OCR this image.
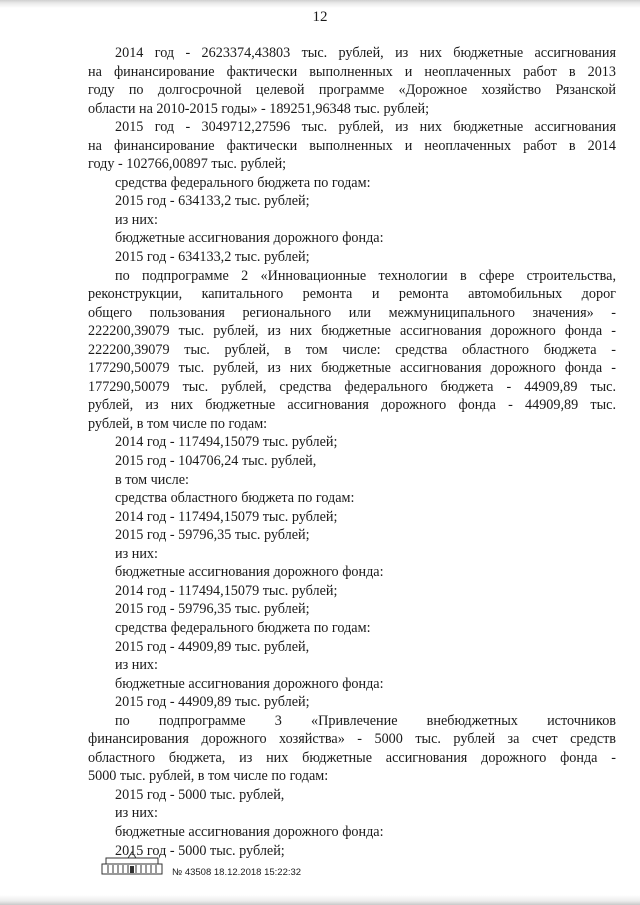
12
2014 год - 2623374,43803 тыс. рублей, из них бюджетные ассигнования
на финансирование фактически выполненных и неоплаченных работ в 2013
году по долгосрочной целевой программе «Дорожное хозяйство Рязанской
области на 2010-2015 годы» - 189251,96348 тыс. рублей;
2015 год - 3049712,27596 тыс. рублей, из них бюджетные ассигнования
на финансирование фактически выполненных и неоплаченных работ в 2014
году - 102766,00897 тыс. рублей;
средства федерального бюджета по годам:
2015 год - 634133,2 тыс. рублей;
из них:
бюджетные ассигнования дорожного фонда:
2015 год - 634133,2 тыс. рублей;
по подпрограмме 2 «Инновационные технологии в сфере строительства,
реконструкции, капитального ремонта и ремонта автомобильных дорог
общего пользования регионального или межмуниципального значения» -
222200,39079 тыс. рублей, из них бюджетные ассигнования дорожного фонда -
222200,39079 тыс. рублей, в том числе: средства областного бюджета -
177290,50079 тыс. рублей, из них бюджетные ассигнования дорожного фонда -
177290,50079 тыс. рублей, средства федерального бюджета - 44909,89 тыс.
рублей, из них бюджетные ассигнования дорожного фонда - 44909,89 тыс.
рублей, в том числе по годам:
2014 год - 117494,15079 тыс. рублей;
2015 год - 104706,24 тыс. рублей,
в том числе:
средства областного бюджета по годам:
2014 год - 117494,15079 тыс. рублей;
2015 год - 59796,35 тыс. рублей;
из них:
бюджетные ассигнования дорожного фонда:
2014 год - 117494,15079 тыс. рублей;
2015 год - 59796,35 тыс. рублей;
средства федерального бюджета по годам:
2015 год - 44909,89 тыс. рублей,
из них:
бюджетные ассигнования дорожного фонда:
2015 год - 44909,89 тыс. рублей;
по подпрограмме 3 «Привлечение внебюджетных источников
финансирования дорожного хозяйства» - 5000 тыс. рублей за счет средств
областного бюджета, из них бюджетные ассигнования дорожного фонда -
5000 тыс. рублей, в том числе по годам:
2015 год - 5000 тыс. рублей,
из них:
бюджетные ассигнования дорожного фонда:
2015 год - 5000 тыс. рублей;
№ 43508 18.12.2018 15:22:32
